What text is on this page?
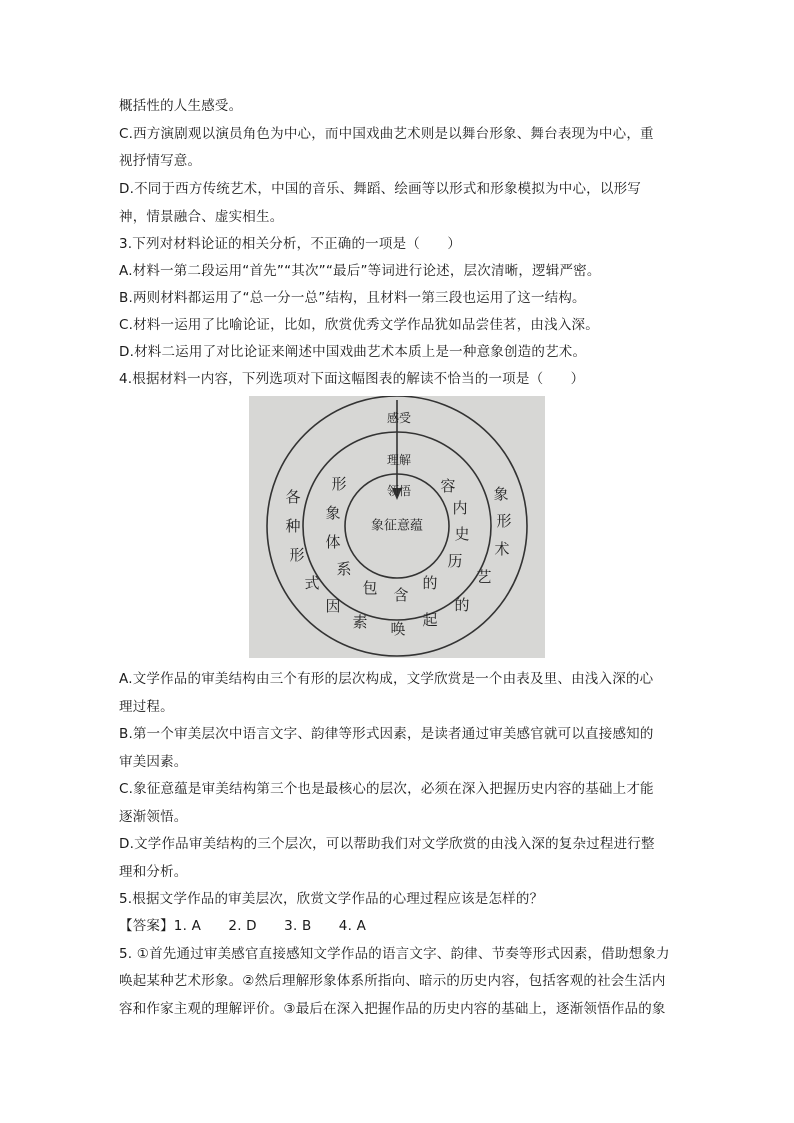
概括性的人生感受。
C.西方演剧观以演员角色为中心，而中国戏曲艺术则是以舞台形象、舞台表现为中心，重
视抒情写意。
D.不同于西方传统艺术，中国的音乐、舞蹈、绘画等以形式和形象模拟为中心，以形写
神，情景融合、虚实相生。
3.下列对材料论证的相关分析，不正确的一项是（　　）
A.材料一第二段运用“首先”“其次”“最后”等词进行论述，层次清晰，逻辑严密。
B.两则材料都运用了“总一分一总”结构，且材料一第三段也运用了这一结构。
C.材料一运用了比喻论证，比如，欣赏优秀文学作品犹如品尝佳茗，由浅入深。
D.材料二运用了对比论证来阐述中国戏曲艺术本质上是一种意象创造的艺术。
4.根据材料一内容，下列选项对下面这幅图表的解读不恰当的一项是（　　）
感受
理解
领悟
象征意蕴
形
象
体
系
包 含
的
历
史
内
容
各
种
形
式
因
素 唤 起
的
艺
术
形
象
A.文学作品的审美结构由三个有形的层次构成，文学欣赏是一个由表及里、由浅入深的心
理过程。
B.第一个审美层次中语言文字、韵律等形式因素，是读者通过审美感官就可以直接感知的
审美因素。
C.象征意蕴是审美结构第三个也是最核心的层次，必须在深入把握历史内容的基础上才能
逐渐领悟。
D.文学作品审美结构的三个层次，可以帮助我们对文学欣赏的由浅入深的复杂过程进行整
理和分析。
5.根据文学作品的审美层次，欣赏文学作品的心理过程应该是怎样的？
【答案】1. A　　2. D　　3. B　　4. A
5. ①首先通过审美感官直接感知文学作品的语言文字、韵律、节奏等形式因素，借助想象力
唤起某种艺术形象。②然后理解形象体系所指向、暗示的历史内容，包括客观的社会生活内
容和作家主观的理解评价。③最后在深入把握作品的历史内容的基础上，逐渐领悟作品的象
